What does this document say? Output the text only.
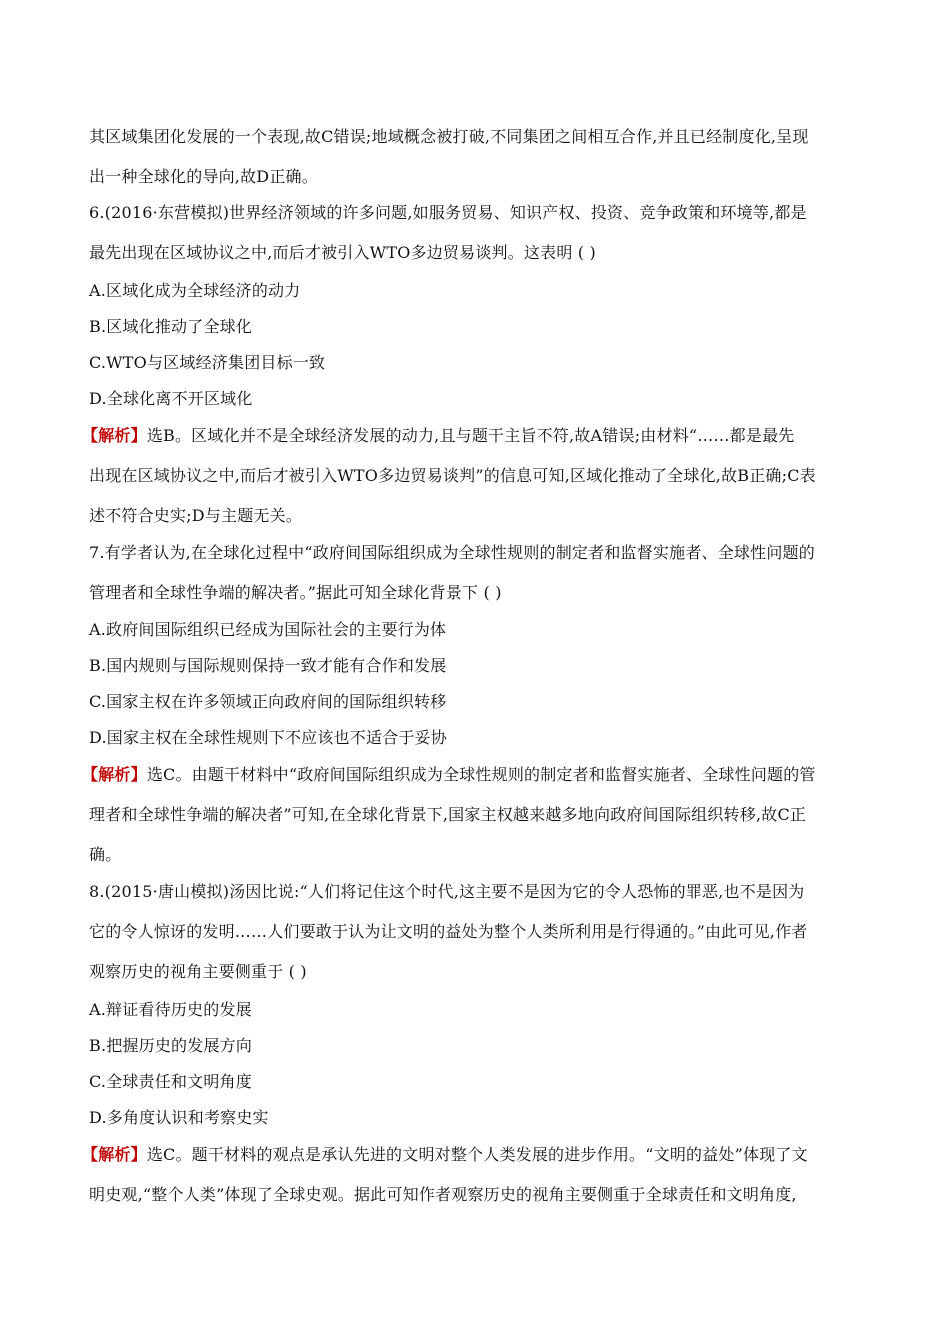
其区域集团化发展的一个表现,故C错误;地域概念被打破,不同集团之间相互合作,并且已经制度化,呈现
出一种全球化的导向,故D正确。
6.(2016·东营模拟)世界经济领域的许多问题,如服务贸易、知识产权、投资、竞争政策和环境等,都是
最先出现在区域协议之中,而后才被引入WTO多边贸易谈判。这表明 ( )
A.区域化成为全球经济的动力
B.区域化推动了全球化
C.WTO与区域经济集团目标一致
D.全球化离不开区域化
【解析】选B。区域化并不是全球经济发展的动力,且与题干主旨不符,故A错误;由材料“……都是最先
出现在区域协议之中,而后才被引入WTO多边贸易谈判”的信息可知,区域化推动了全球化,故B正确;C表
述不符合史实;D与主题无关。
7.有学者认为,在全球化过程中“政府间国际组织成为全球性规则的制定者和监督实施者、全球性问题的
管理者和全球性争端的解决者。”据此可知全球化背景下 ( )
A.政府间国际组织已经成为国际社会的主要行为体
B.国内规则与国际规则保持一致才能有合作和发展
C.国家主权在许多领域正向政府间的国际组织转移
D.国家主权在全球性规则下不应该也不适合于妥协
【解析】选C。由题干材料中“政府间国际组织成为全球性规则的制定者和监督实施者、全球性问题的管
理者和全球性争端的解决者”可知,在全球化背景下,国家主权越来越多地向政府间国际组织转移,故C正
确。
8.(2015·唐山模拟)汤因比说:“人们将记住这个时代,这主要不是因为它的令人恐怖的罪恶,也不是因为
它的令人惊讶的发明……人们要敢于认为让文明的益处为整个人类所利用是行得通的。”由此可见,作者
观察历史的视角主要侧重于 ( )
A.辩证看待历史的发展
B.把握历史的发展方向
C.全球责任和文明角度
D.多角度认识和考察史实
【解析】选C。题干材料的观点是承认先进的文明对整个人类发展的进步作用。“文明的益处”体现了文
明史观,“整个人类”体现了全球史观。据此可知作者观察历史的视角主要侧重于全球责任和文明角度,
